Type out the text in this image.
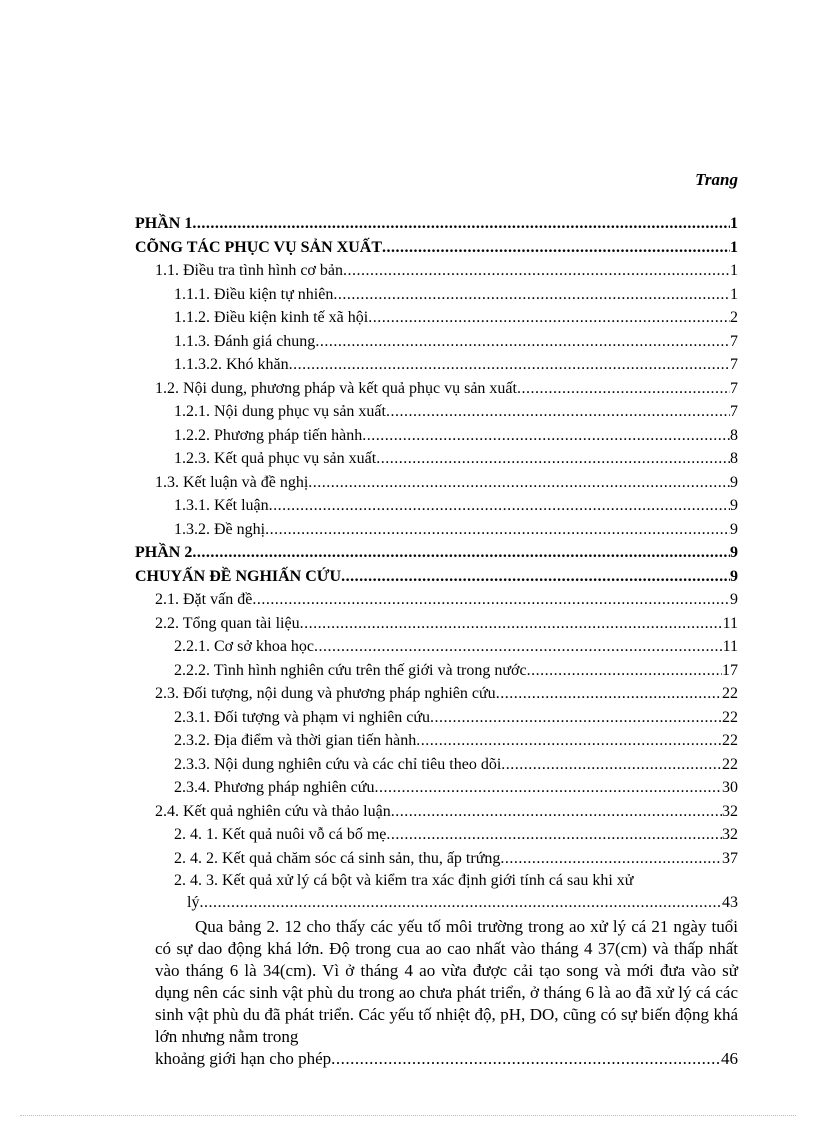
Trang
PHẦN 1 .....	1
CÕNG TÁC PHỤC VỤ SẢN XUẤT .....	1
1.1. Điều tra tình hình cơ bản .....	1
1.1.1. Điều kiện tự nhiên .....	1
1.1.2. Điều kiện kinh tế xã hội .....	2
1.1.3. Đánh giá chung .....	7
1.1.3.2. Khó khăn .....	7
1.2. Nội dung, phương pháp và kết quả phục vụ sản xuất .....	7
1.2.1. Nội dung phục vụ sản xuất .....	7
1.2.2. Phương pháp tiến hành .....	8
1.2.3. Kết quả phục vụ sản xuất .....	8
1.3. Kết luận và đề nghị .....	9
1.3.1. Kết luận .....	9
1.3.2. Đề nghị .....	9
PHẦN 2 .....	9
CHUYẤN ĐỀ NGHIẤN CỨU .....	9
2.1. Đặt vấn đề .....	9
2.2. Tổng quan tài liệu .....	11
2.2.1. Cơ sở khoa học .....	11
2.2.2. Tình hình nghiên cứu trên thế giới và trong nước .....	17
2.3. Đối tượng, nội dung và phương pháp nghiên cứu .....	22
2.3.1. Đối tượng và phạm vi nghiên cứu .....	22
2.3.2. Địa điểm và thời gian tiến hành .....	22
2.3.3. Nội dung nghiên cứu và các chỉ tiêu theo dõi .....	22
2.3.4. Phương pháp nghiên cứu .....	30
2.4. Kết quả nghiên cứu và thảo luận .....	32
2. 4. 1. Kết quả nuôi vỗ cá bố mẹ .....	32
2. 4. 2. Kết quả chăm sóc cá sinh sản, thu, ấp trứng .....	37
2. 4. 3. Kết quả xử lý cá bột và kiểm tra xác định giới tính cá sau khi xử
lý .....	43
Qua bảng 2. 12 cho thấy các yếu tố môi trường trong ao xử lý cá 21 ngày tuổi có sự dao động khá lớn. Độ trong cua ao cao nhất vào tháng 4 37(cm) và thấp nhất vào tháng 6 là 34(cm). Vì ở tháng 4 ao vừa được cải tạo song và mới đưa vào sử dụng nên các sinh vật phù du trong ao chưa phát triển, ở tháng 6 là ao đã xử lý cá các sinh vật phù du đã phát triển. Các yếu tố nhiệt độ, pH, DO, cũng có sự biến động khá lớn nhưng nằm trong
khoảng giới hạn cho phép .....	46
